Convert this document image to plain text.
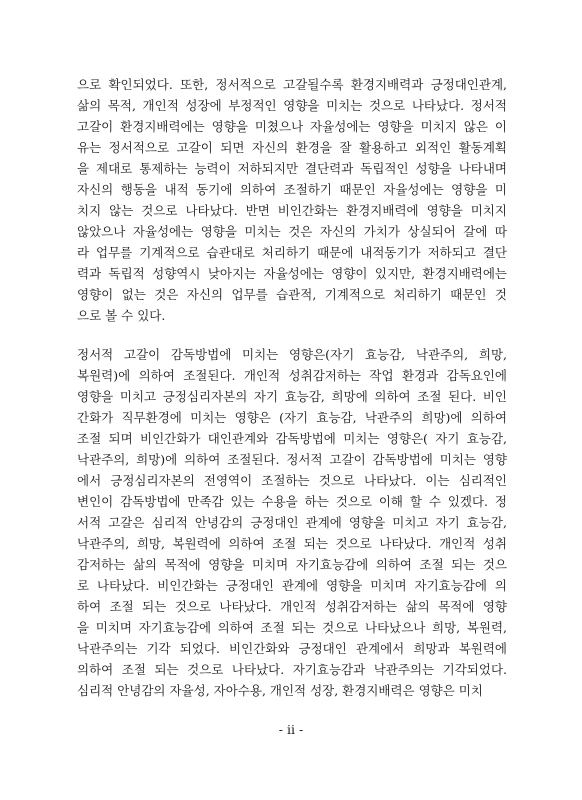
으로 확인되었다. 또한, 정서적으로 고갈될수록 환경지배력과 긍정대인관계,
삶의 목적, 개인적 성장에 부정적인 영향을 미치는 것으로 나타났다. 정서적
고갈이 환경지배력에는 영향을 미쳤으나 자율성에는 영향을 미치지 않은 이
유는 정서적으로 고갈이 되면 자신의 환경을 잘 활용하고 외적인 활동계획
을 제대로 통제하는 능력이 저하되지만 결단력과 독립적인 성향을 나타내며
자신의 행동을 내적 동기에 의하여 조절하기 때문인 자율성에는 영향을 미
치지 않는 것으로 나타났다. 반면 비인간화는 환경지배력에 영향을 미치지
않았으나 자율성에는 영향을 미치는 것은 자신의 가치가 상실되어 갈에 따
라 업무를 기계적으로 습관대로 처리하기 때문에 내적동기가 저하되고 결단
력과 독립적 성향역시 낮아지는 자율성에는 영향이 있지만, 환경지배력에는
영향이 없는 것은 자신의 업무를 습관적, 기계적으로 처리하기 때문인 것
으로 볼 수 있다.
정서적 고갈이 감독방법에 미치는 영향은(자기 효능감, 낙관주의, 희망,
복원력)에 의하여 조절된다. 개인적 성취감저하는 작업 환경과 감독요인에
영향을 미치고 긍정심리자본의 자기 효능감, 희망에 의하여 조절 된다. 비인
간화가 직무환경에 미치는 영향은 (자기 효능감, 낙관주의 희망)에 의하여
조절 되며 비인간화가 대인관계와 감독방법에 미치는 영향은( 자기 효능감,
낙관주의, 희망)에 의하여 조절된다. 정서적 고갈이 감독방법에 미치는 영향
에서 긍정심리자본의 전영역이 조절하는 것으로 나타났다. 이는 심리적인
변인이 감독방법에 만족감 있는 수용을 하는 것으로 이해 할 수 있겠다. 정
서적 고갈은 심리적 안녕감의 긍정대인 관계에 영향을 미치고 자기 효능감,
낙관주의, 희망, 복원력에 의하여 조절 되는 것으로 나타났다. 개인적 성취
감저하는 삶의 목적에 영향을 미치며 자기효능감에 의하여 조절 되는 것으
로 나타났다. 비인간화는 긍정대인 관계에 영향을 미치며 자기효능감에 의
하여 조절 되는 것으로 나타났다. 개인적 성취감저하는 삶의 목적에 영향
을 미치며 자기효능감에 의하여 조절 되는 것으로 나타났으나 희망, 복원력,
낙관주의는 기각 되었다. 비인간화와 긍정대인 관계에서 희망과 복원력에
의하여 조절 되는 것으로 나타났다. 자기효능감과 낙관주의는 기각되었다.
심리적 안녕감의 자율성, 자아수용, 개인적 성장, 환경지배력은 영향은 미치
- ii -
